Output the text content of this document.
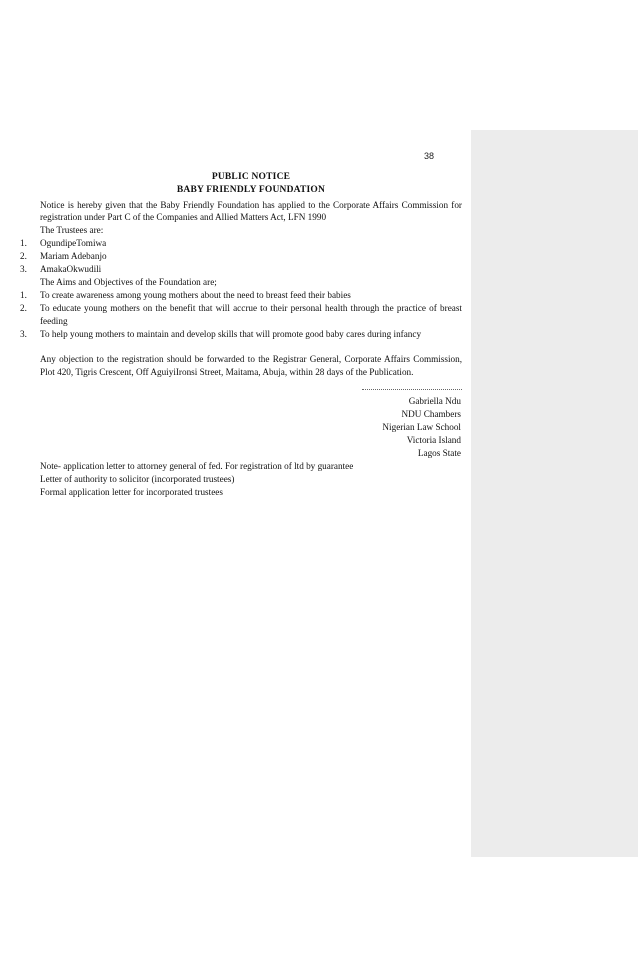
38
PUBLIC NOTICE
BABY FRIENDLY FOUNDATION
Notice is hereby given that the Baby Friendly Foundation has applied to the Corporate Affairs Commission for
registration under Part C of the Companies and Allied Matters Act, LFN 1990
The Trustees are:
1. OgundipeTomiwa
2. Mariam Adebanjo
3. AmakaOkwudili
The Aims and Objectives of the Foundation are;
1. To create awareness among young mothers about the need to breast feed their babies
2. To educate young mothers on the benefit that will accrue to their personal health through the practice of breast
feeding
3. To help young mothers to maintain and develop skills that will promote good baby cares during infancy
Any objection to the registration should be forwarded to the Registrar General, Corporate Affairs Commission,
Plot 420, Tigris Crescent, Off AguiyiIronsi Street, Maitama, Abuja, within 28 days of the Publication.
Gabriella Ndu
NDU Chambers
Nigerian Law School
Victoria Island
Lagos State
Note- application letter to attorney general of fed. For registration of ltd by guarantee
Letter of authority to solicitor (incorporated trustees)
Formal application letter for incorporated trustees
